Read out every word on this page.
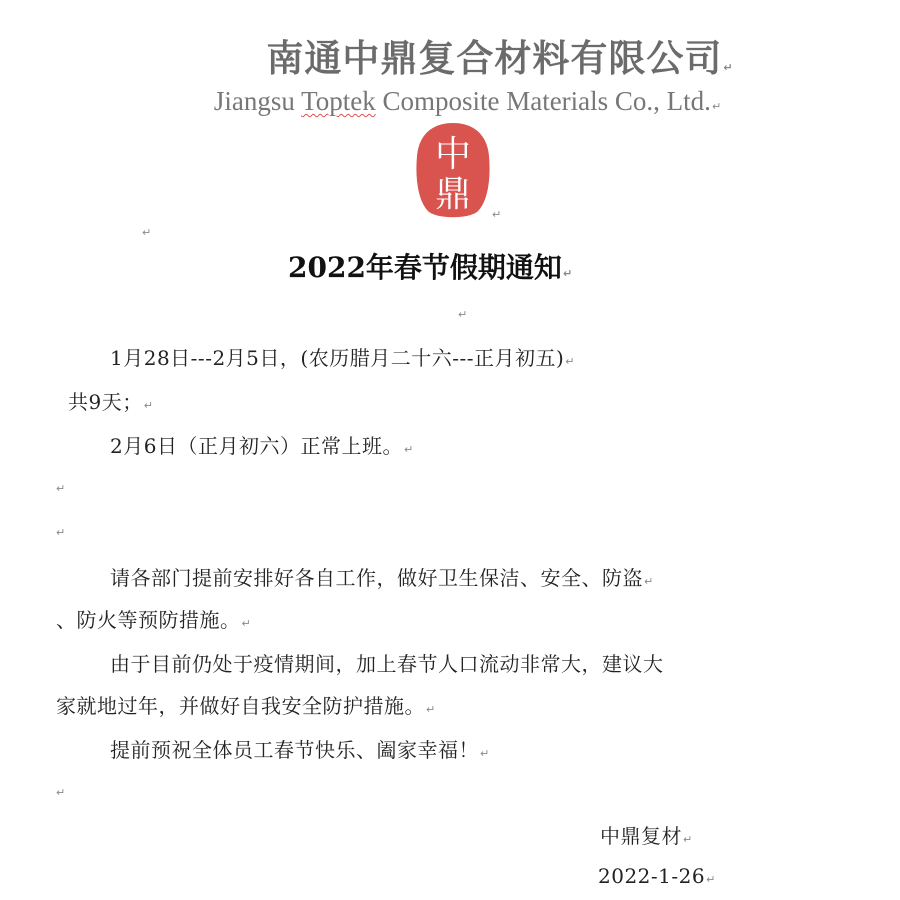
南通中鼎复合材料有限公司↵
Jiangsu Toptek Composite Materials Co., Ltd.↵
中
鼎 ↵
↵
2022年春节假期通知↵
↵
1月28日---2月5日，(农历腊月二十六---正月初五)↵
共9天；↵
2月6日（正月初六）正常上班。↵
↵
↵
请各部门提前安排好各自工作，做好卫生保洁、安全、防盗↵
、防火等预防措施。↵
由于目前仍处于疫情期间，加上春节人口流动非常大，建议大
家就地过年，并做好自我安全防护措施。↵
提前预祝全体员工春节快乐、阖家幸福！↵
↵
中鼎复材↵
2022-1-26↵
